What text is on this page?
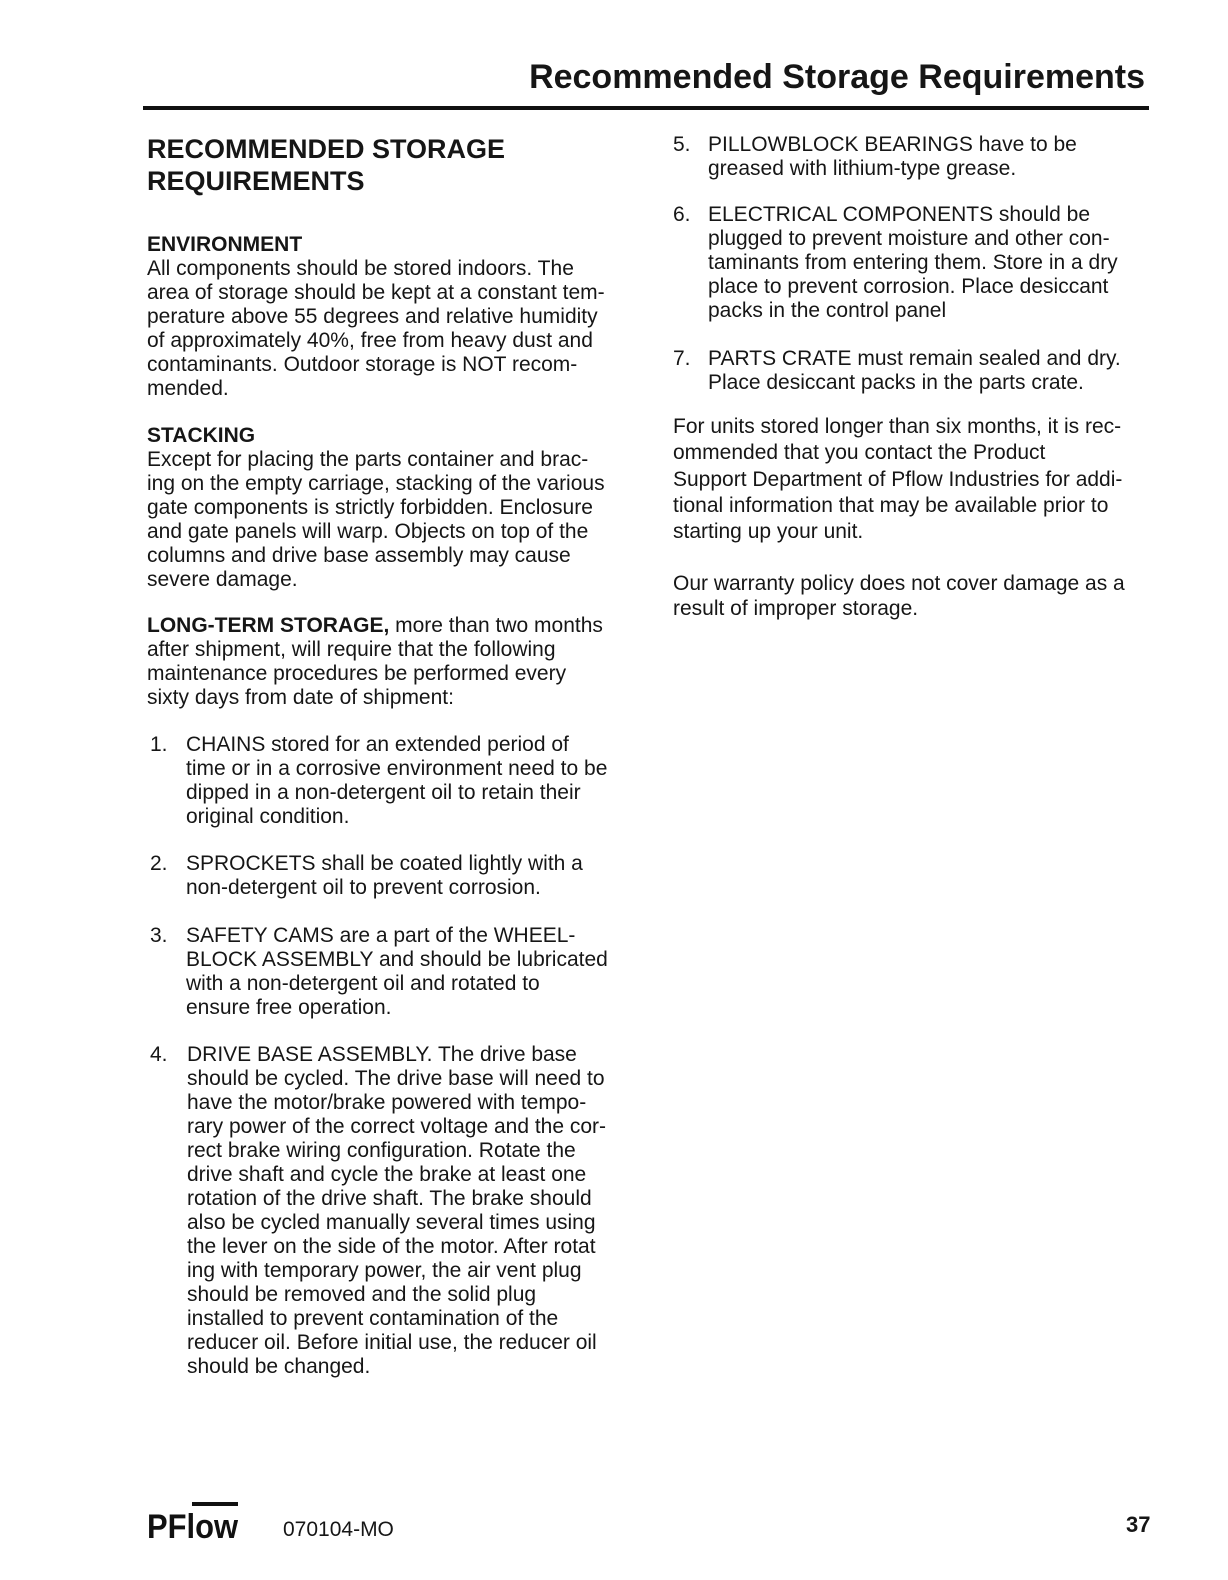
Recommended Storage Requirements
RECOMMENDED STORAGE
REQUIREMENTS
ENVIRONMENT
All components should be stored indoors. The
area of storage should be kept at a constant tem-
perature above 55 degrees and relative humidity
of approximately 40%, free from heavy dust and
contaminants. Outdoor storage is NOT recom-
mended.
STACKING
Except for placing the parts container and brac-
ing on the empty carriage, stacking of the various
gate components is strictly forbidden. Enclosure
and gate panels will warp. Objects on top of the
columns and drive base assembly may cause
severe damage.
LONG-TERM STORAGE, more than two months
after shipment, will require that the following
maintenance procedures be performed every
sixty days from date of shipment:
1. CHAINS stored for an extended period of
time or in a corrosive environment need to be
dipped in a non-detergent oil to retain their
original condition.
2. SPROCKETS shall be coated lightly with a
non-detergent oil to prevent corrosion.
3. SAFETY CAMS are a part of the WHEEL-
BLOCK ASSEMBLY and should be lubricated
with a non-detergent oil and rotated to
ensure free operation.
4. DRIVE BASE ASSEMBLY. The drive base
should be cycled. The drive base will need to
have the motor/brake powered with tempo-
rary power of the correct voltage and the cor-
rect brake wiring configuration. Rotate the
drive shaft and cycle the brake at least one
rotation of the drive shaft. The brake should
also be cycled manually several times using
the lever on the side of the motor. After rotat
ing with temporary power, the air vent plug
should be removed and the solid plug
installed to prevent contamination of the
reducer oil. Before initial use, the reducer oil
should be changed.
5. PILLOWBLOCK BEARINGS have to be
greased with lithium-type grease.
6. ELECTRICAL COMPONENTS should be
plugged to prevent moisture and other con-
taminants from entering them. Store in a dry
place to prevent corrosion. Place desiccant
packs in the control panel
7. PARTS CRATE must remain sealed and dry.
Place desiccant packs in the parts crate.
For units stored longer than six months, it is rec-
ommended that you contact the Product
Support Department of Pflow Industries for addi-
tional information that may be available prior to
starting up your unit.
Our warranty policy does not cover damage as a
result of improper storage.
PFlow 070104-MO	37
